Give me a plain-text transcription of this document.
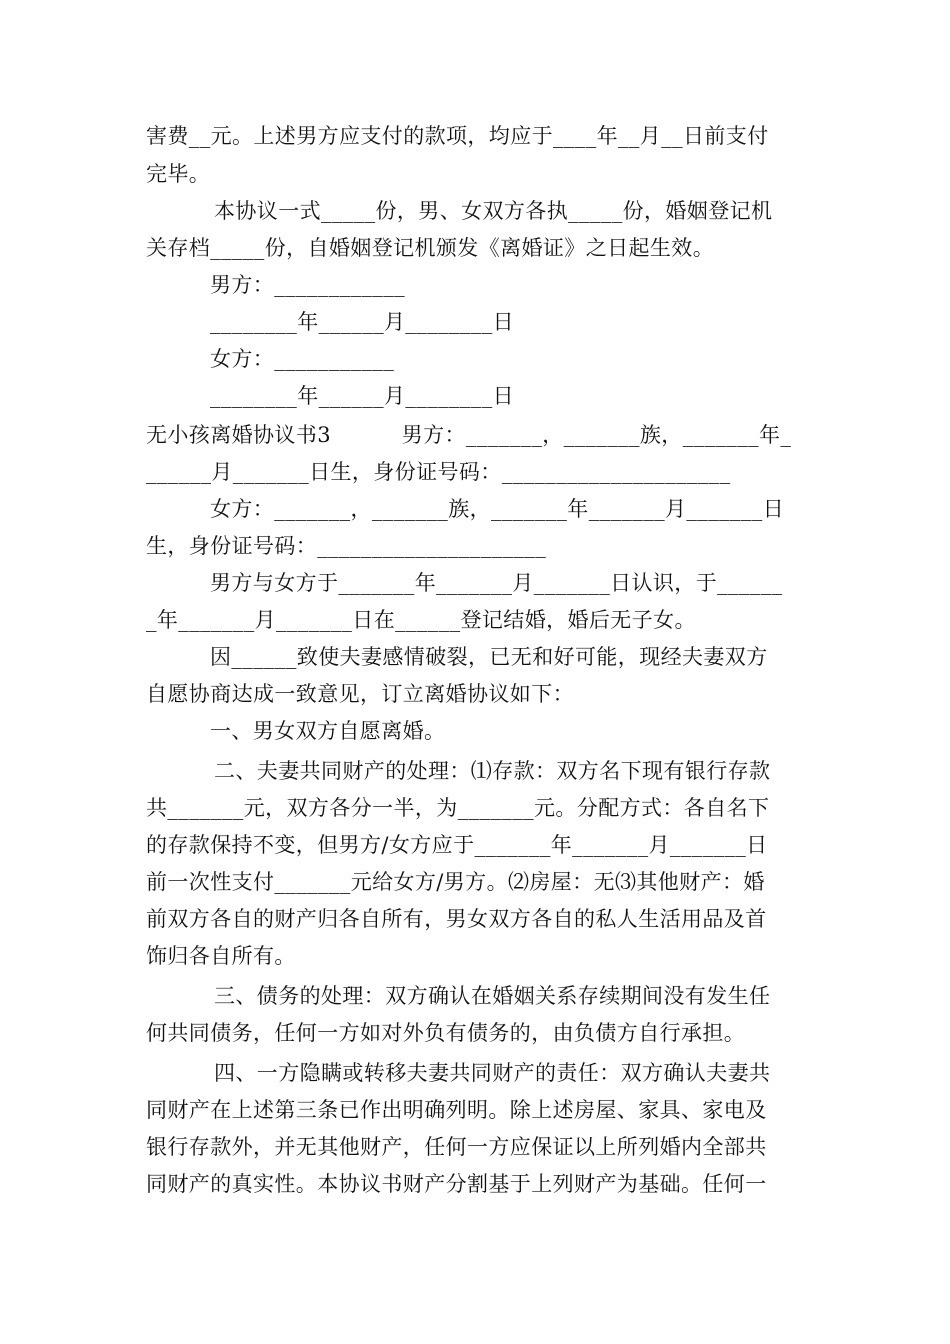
害费__元。上述男方应支付的款项，均应于____年__月__日前支付
完毕。
本协议一式_____份，男、女双方各执_____份，婚姻登记机
关存档_____份，自婚姻登记机颁发《离婚证》之日起生效。
男方：____________
________年______月________日
女方：___________
________年______月________日
无小孩离婚协议书3          男方：_______，_______族，_______年_
______月_______日生，身份证号码：_____________________
女方：_______，_______族，_______年_______月_______日
生，身份证号码：_____________________
男方与女方于_______年_______月_______日认识，于______
_年_______月_______日在______登记结婚，婚后无子女。
因______致使夫妻感情破裂，已无和好可能，现经夫妻双方
自愿协商达成一致意见，订立离婚协议如下：
一、男女双方自愿离婚。
二、夫妻共同财产的处理：⑴存款：双方名下现有银行存款
共_______元，双方各分一半，为_______元。分配方式：各自名下
的存款保持不变，但男方/女方应于_______年_______月_______日
前一次性支付_______元给女方/男方。⑵房屋：无⑶其他财产：婚
前双方各自的财产归各自所有，男女双方各自的私人生活用品及首
饰归各自所有。
三、债务的处理：双方确认在婚姻关系存续期间没有发生任
何共同债务，任何一方如对外负有债务的，由负债方自行承担。
四、一方隐瞒或转移夫妻共同财产的责任：双方确认夫妻共
同财产在上述第三条已作出明确列明。除上述房屋、家具、家电及
银行存款外，并无其他财产，任何一方应保证以上所列婚内全部共
同财产的真实性。本协议书财产分割基于上列财产为基础。任何一
